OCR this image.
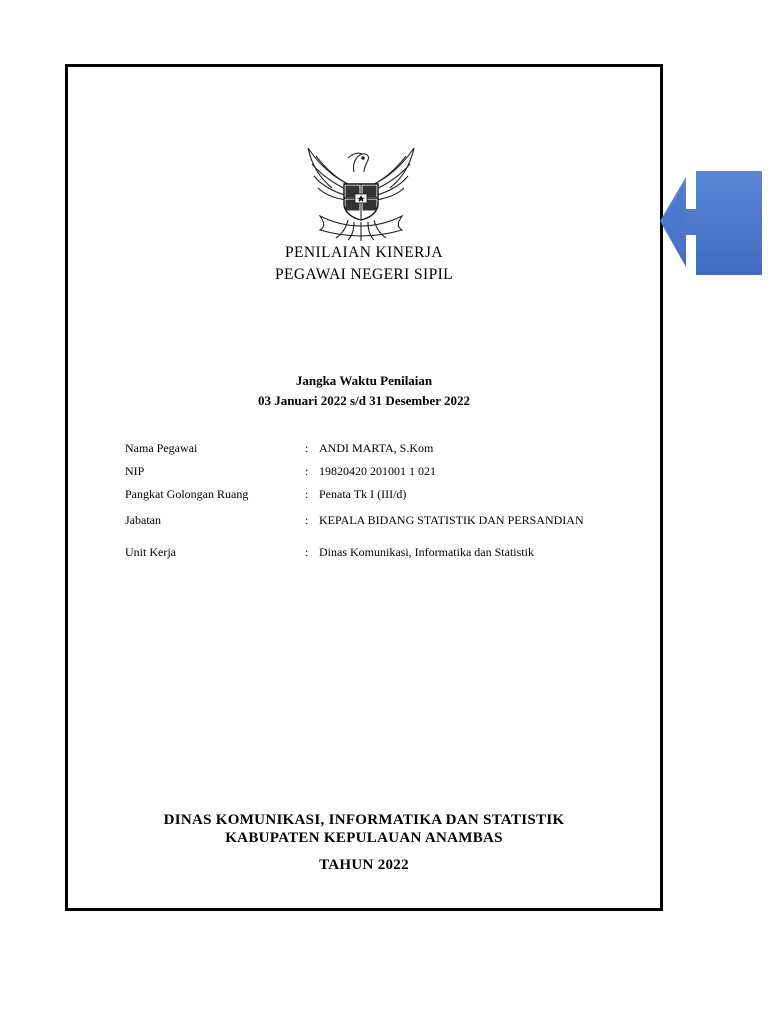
PENILAIAN KINERJA
PEGAWAI NEGERI SIPIL
Jangka Waktu Penilaian
03 Januari 2022 s/d 31 Desember 2022
Nama Pegawai	: ANDI MARTA, S.Kom
NIP	: 19820420 201001 1 021
Pangkat Golongan Ruang	: Penata Tk I (III/d)
Jabatan	: KEPALA BIDANG STATISTIK DAN PERSANDIAN
Unit Kerja	: Dinas Komunikasi, Informatika dan Statistik
DINAS KOMUNIKASI, INFORMATIKA DAN STATISTIK
KABUPATEN KEPULAUAN ANAMBAS
TAHUN 2022
